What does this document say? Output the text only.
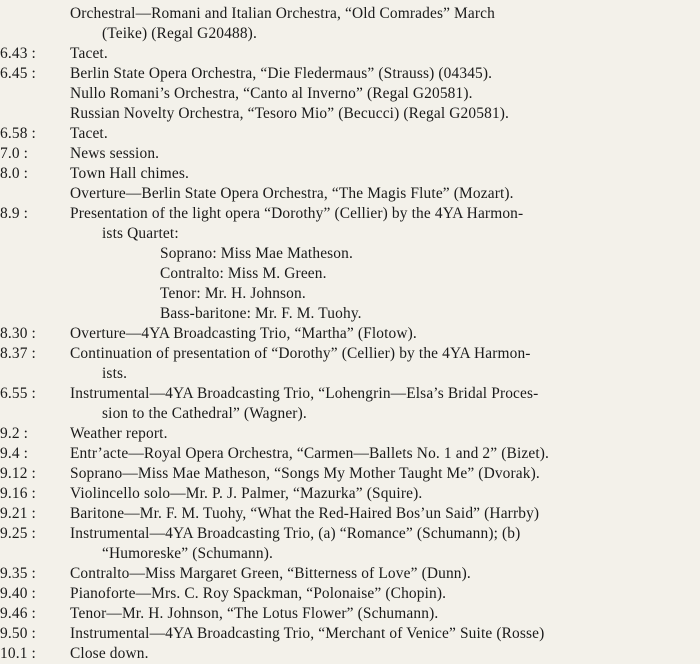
Orchestral—Romani and Italian Orchestra, “Old Comrades” March
(Teike) (Regal G20488).
6.43 :	Tacet.
6.45 :	Berlin State Opera Orchestra, “Die Fledermaus” (Strauss) (04345).
Nullo Romani’s Orchestra, “Canto al Inverno” (Regal G20581).
Russian Novelty Orchestra, “Tesoro Mio” (Becucci) (Regal G20581).
6.58 :	Tacet.
7.0 :	News session.
8.0 :	Town Hall chimes.
Overture—Berlin State Opera Orchestra, “The Magis Flute” (Mozart).
8.9 :	Presentation of the light opera “Dorothy” (Cellier) by the 4YA Harmon-
ists Quartet:
Soprano: Miss Mae Matheson.
Contralto: Miss M. Green.
Tenor: Mr. H. Johnson.
Bass-baritone: Mr. F. M. Tuohy.
8.30 :	Overture—4YA Broadcasting Trio, “Martha” (Flotow).
8.37 :	Continuation of presentation of “Dorothy” (Cellier) by the 4YA Harmon-
ists.
6.55 :	Instrumental—4YA Broadcasting Trio, “Lohengrin—Elsa’s Bridal Proces-
sion to the Cathedral” (Wagner).
9.2 :	Weather report.
9.4 :	Entr’acte—Royal Opera Orchestra, “Carmen—Ballets No. 1 and 2” (Bizet).
9.12 :	Soprano—Miss Mae Matheson, “Songs My Mother Taught Me” (Dvorak).
9.16 :	Violincello solo—Mr. P. J. Palmer, “Mazurka” (Squire).
9.21 :	Baritone—Mr. F. M. Tuohy, “What the Red-Haired Bos’un Said” (Harrby)
9.25 :	Instrumental—4YA Broadcasting Trio, (a) “Romance” (Schumann); (b)
“Humoreske” (Schumann).
9.35 :	Contralto—Miss Margaret Green, “Bitterness of Love” (Dunn).
9.40 :	Pianoforte—Mrs. C. Roy Spackman, “Polonaise” (Chopin).
9.46 :	Tenor—Mr. H. Johnson, “The Lotus Flower” (Schumann).
9.50 :	Instrumental—4YA Broadcasting Trio, “Merchant of Venice” Suite (Rosse)
10.1 :	Close down.
